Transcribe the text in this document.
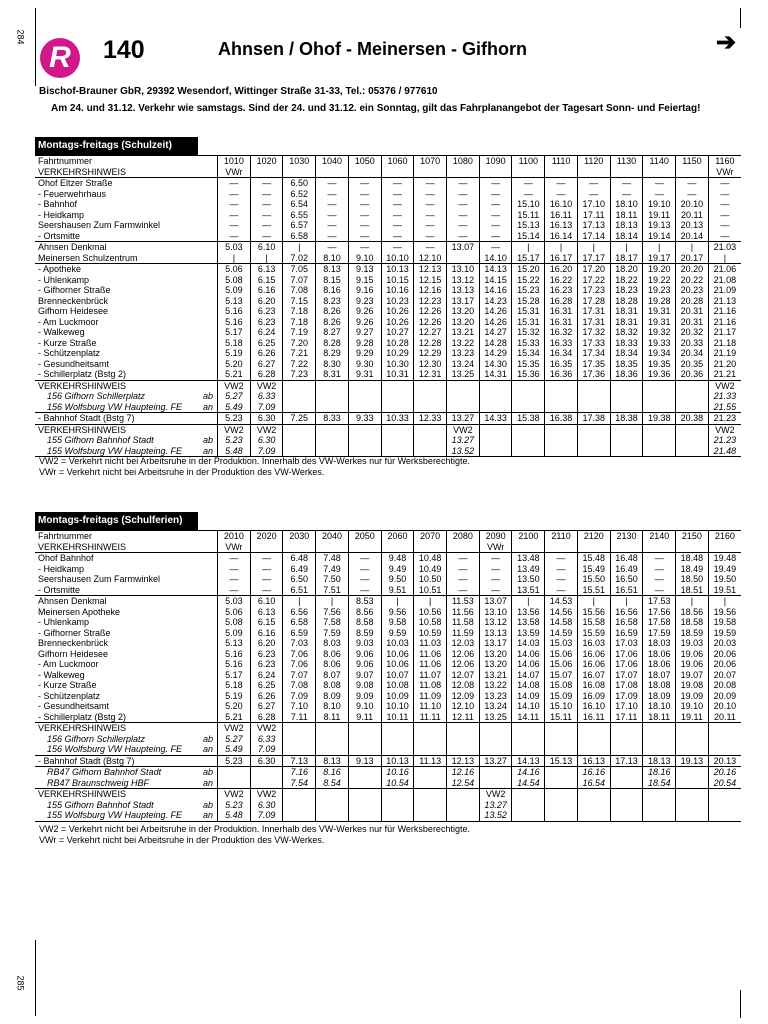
284
285
R	140	Ahnsen / Ohof - Meinersen - Gifhorn	➔
Bischof-Brauner GbR, 29392 Wesendorf, Wittinger Straße 31-33, Tel.: 05376 / 977610
Am 24. und 31.12. Verkehr wie samstags. Sind der 24. und 31.12. ein Sonntag, gilt das Fahrplanangebot der Tagesart Sonn- und Feiertag!
Montags-freitags (Schulzeit)
Fahrtnummer		1010	1020	1030	1040	1050	1060	1070	1080	1090	1100	1110	1120	1130	1140	1150	1160
VERKEHRSHINWEIS		VWr															VWr
Ohof Eltzer Straße		—	—	6.50	—	—	—	—	—	—	—	—	—	—	—	—	—
- Feuerwehrhaus		—	—	6.52	—	—	—	—	—	—	—	—	—	—	—	—	—
- Bahnhof		—	—	6.54	—	—	—	—	—	—	15.10	16.10	17.10	18.10	19.10	20.10	—
- Heidkamp		—	—	6.55	—	—	—	—	—	—	15.11	16.11	17.11	18.11	19.11	20.11	—
Seershausen Zum Farmwinkel		—	—	6.57	—	—	—	—	—	—	15.13	16.13	17.13	18.13	19.13	20.13	—
- Ortsmitte		—	—	6.58	—	—	—	—	—	—	15.14	16.14	17.14	18.14	19.14	20.14	—
Ahnsen Denkmal		5.03	6.10	|	—	—	—	—	13.07	—	|	|	|	|	|	|	21.03
Meinersen Schulzentrum		|	|	7.02	8.10	9.10	10.10	12.10		14.10	15.17	16.17	17.17	18.17	19.17	20.17	|
- Apotheke		5.06	6.13	7.05	8.13	9.13	10.13	12.13	13.10	14.13	15.20	16.20	17.20	18.20	19.20	20.20	21.06
- Uhlenkamp		5.08	6.15	7.07	8.15	9.15	10.15	12.15	13.12	14.15	15.22	16.22	17.22	18.22	19.22	20.22	21.08
- Gifhorner Straße		5.09	6.16	7.08	8.16	9.16	10.16	12.16	13.13	14.16	15.23	16.23	17.23	18.23	19.23	20.23	21.09
Brenneckenbrück		5.13	6.20	7.15	8.23	9.23	10.23	12.23	13.17	14.23	15.28	16.28	17.28	18.28	19.28	20.28	21.13
Gifhorn Heidesee		5.16	6.23	7.18	8.26	9.26	10.26	12.26	13.20	14.26	15.31	16.31	17.31	18.31	19.31	20.31	21.16
- Am Luckmoor		5.16	6.23	7.18	8.26	9.26	10.26	12.26	13.20	14.26	15.31	16.31	17.31	18.31	19.31	20.31	21.16
- Walkeweg		5.17	6.24	7.19	8.27	9.27	10.27	12.27	13.21	14.27	15.32	16.32	17.32	18.32	19.32	20.32	21.17
- Kurze Straße		5.18	6.25	7.20	8.28	9.28	10.28	12.28	13.22	14.28	15.33	16.33	17.33	18.33	19.33	20.33	21.18
- Schützenplatz		5.19	6.26	7.21	8.29	9.29	10.29	12.29	13.23	14.29	15.34	16.34	17.34	18.34	19.34	20.34	21.19
- Gesundheitsamt		5.20	6.27	7.22	8.30	9.30	10.30	12.30	13.24	14.30	15.35	16.35	17.35	18.35	19.35	20.35	21.20
- Schillerplatz (Bstg 2)		5.21	6.28	7.23	8.31	9.31	10.31	12.31	13.25	14.31	15.36	16.36	17.36	18.36	19.36	20.36	21.21
VERKEHRSHINWEIS		VW2	VW2														VW2
156 Gifhorn Schillerplatz	ab	5.27	6.33														21.33
156 Wolfsburg VW Haupteing. FE	an	5.49	7.09														21.55
- Bahnhof Stadt (Bstg 7)		5.23	6.30	7.25	8.33	9.33	10.33	12.33	13.27	14.33	15.38	16.38	17.38	18.38	19.38	20.38	21.23
VERKEHRSHINWEIS		VW2	VW2						VW2								VW2
155 Gifhorn Bahnhof Stadt	ab	5.23	6.30						13.27								21.23
155 Wolfsburg VW Haupteing. FE	an	5.48	7.09						13.52								21.48
VW2 = Verkehrt nicht bei Arbeitsruhe in der Produktion. Innerhalb des VW-Werkes nur für Werksberechtigte.
VWr = Verkehrt nicht bei Arbeitsruhe in der Produktion des VW-Werkes.
Montags-freitags (Schulferien)
Fahrtnummer		2010	2020	2030	2040	2050	2060	2070	2080	2090	2100	2110	2120	2130	2140	2150	2160
VERKEHRSHINWEIS		VWr								VWr							
Ohof Bahnhof		—	—	6.48	7.48	—	9.48	10.48	—	—	13.48	—	15.48	16.48	—	18.48	19.48
- Heidkamp		—	—	6.49	7.49	—	9.49	10.49	—	—	13.49	—	15.49	16.49	—	18.49	19.49
Seershausen Zum Farmwinkel		—	—	6.50	7.50	—	9.50	10.50	—	—	13.50	—	15.50	16.50	—	18.50	19.50
- Ortsmitte		—	—	6.51	7.51	—	9.51	10.51	—	—	13.51	—	15.51	16.51	—	18.51	19.51
Ahnsen Denkmal		5.03	6.10	|	|	8.53	|	|	11.53	13.07	|	14.53	|	|	17.53	|	|
Meinersen Apotheke		5.06	6.13	6.56	7.56	8.56	9.56	10.56	11.56	13.10	13.56	14.56	15.56	16.56	17.56	18.56	19.56
- Uhlenkamp		5.08	6.15	6.58	7.58	8.58	9.58	10.58	11.58	13.12	13.58	14.58	15.58	16.58	17.58	18.58	19.58
- Gifhorner Straße		5.09	6.16	6.59	7.59	8.59	9.59	10.59	11.59	13.13	13.59	14.59	15.59	16.59	17.59	18.59	19.59
Brenneckenbrück		5.13	6.20	7.03	8.03	9.03	10.03	11.03	12.03	13.17	14.03	15.03	16.03	17.03	18.03	19.03	20.03
Gifhorn Heidesee		5.16	6.23	7.06	8.06	9.06	10.06	11.06	12.06	13.20	14.06	15.06	16.06	17.06	18.06	19.06	20.06
- Am Luckmoor		5.16	6.23	7.06	8.06	9.06	10.06	11.06	12.06	13.20	14.06	15.06	16.06	17.06	18.06	19.06	20.06
- Walkeweg		5.17	6.24	7.07	8.07	9.07	10.07	11.07	12.07	13.21	14.07	15.07	16.07	17.07	18.07	19.07	20.07
- Kurze Straße		5.18	6.25	7.08	8.08	9.08	10.08	11.08	12.08	13.22	14.08	15.08	16.08	17.08	18.08	19.08	20.08
- Schützenplatz		5.19	6.26	7.09	8.09	9.09	10.09	11.09	12.09	13.23	14.09	15.09	16.09	17.09	18.09	19.09	20.09
- Gesundheitsamt		5.20	6.27	7.10	8.10	9.10	10.10	11.10	12.10	13.24	14.10	15.10	16.10	17.10	18.10	19.10	20.10
- Schillerplatz (Bstg 2)		5.21	6.28	7.11	8.11	9.11	10.11	11.11	12.11	13.25	14.11	15.11	16.11	17.11	18.11	19.11	20.11
VERKEHRSHINWEIS		VW2	VW2														
156 Gifhorn Schillerplatz	ab	5.27	6.33														
156 Wolfsburg VW Haupteing. FE	an	5.49	7.09														
- Bahnhof Stadt (Bstg 7)		5.23	6.30	7.13	8.13	9.13	10.13	11.13	12.13	13.27	14.13	15.13	16.13	17.13	18.13	19.13	20.13
RB47 Gifhorn Bahnhof Stadt	ab			7.16	8.16		10.16		12.16		14.16		16.16		18.16		20.16
RB47 Braunschweig HBF	an			7.54	8.54		10.54		12.54		14.54		16.54		18.54		20.54
VERKEHRSHINWEIS		VW2	VW2							VW2							
155 Gifhorn Bahnhof Stadt	ab	5.23	6.30							13.27							
155 Wolfsburg VW Haupteing. FE	an	5.48	7.09							13.52							
VW2 = Verkehrt nicht bei Arbeitsruhe in der Produktion. Innerhalb des VW-Werkes nur für Werksberechtigte.
VWr = Verkehrt nicht bei Arbeitsruhe in der Produktion des VW-Werkes.
